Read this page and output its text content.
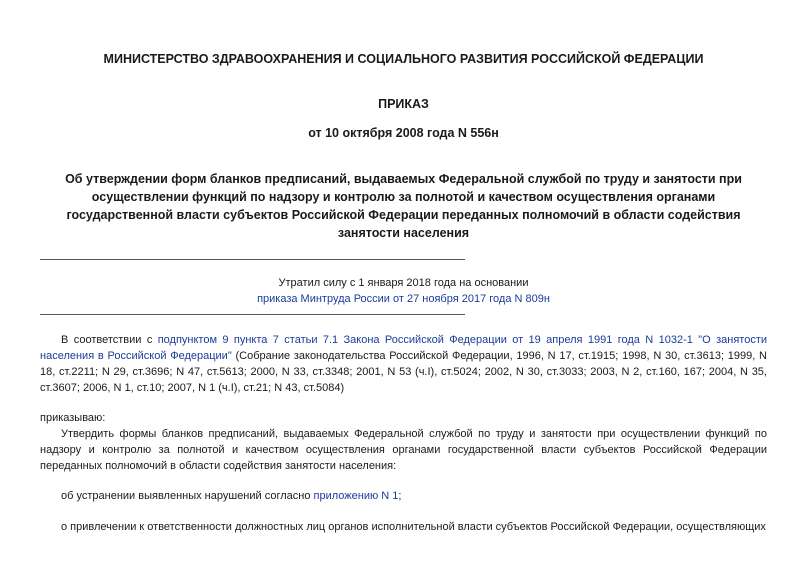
МИНИСТЕРСТВО ЗДРАВООХРАНЕНИЯ И СОЦИАЛЬНОГО РАЗВИТИЯ РОССИЙСКОЙ ФЕДЕРАЦИИ
ПРИКАЗ
от 10 октября 2008 года N 556н
Об утверждении форм бланков предписаний, выдаваемых Федеральной службой по труду и занятости при осуществлении функций по надзору и контролю за полнотой и качеством осуществления органами государственной власти субъектов Российской Федерации переданных полномочий в области содействия занятости населения
Утратил силу с 1 января 2018 года на основании
приказа Минтруда России от 27 ноября 2017 года N 809н
В соответствии с подпунктом 9 пункта 7 статьи 7.1 Закона Российской Федерации от 19 апреля 1991 года N 1032-1 "О занятости населения в Российской Федерации" (Собрание законодательства Российской Федерации, 1996, N 17, ст.1915; 1998, N 30, ст.3613; 1999, N 18, ст.2211; N 29, ст.3696; N 47, ст.5613; 2000, N 33, ст.3348; 2001, N 53 (ч.I), ст.5024; 2002, N 30, ст.3033; 2003, N 2, ст.160, 167; 2004, N 35, ст.3607; 2006, N 1, ст.10; 2007, N 1 (ч.I), ст.21; N 43, ст.5084)
приказываю:
Утвердить формы бланков предписаний, выдаваемых Федеральной службой по труду и занятости при осуществлении функций по надзору и контролю за полнотой и качеством осуществления органами государственной власти субъектов Российской Федерации переданных полномочий в области содействия занятости населения:
об устранении выявленных нарушений согласно приложению N 1;
о привлечении к ответственности должностных лиц органов исполнительной власти субъектов Российской Федерации, осуществляющих
